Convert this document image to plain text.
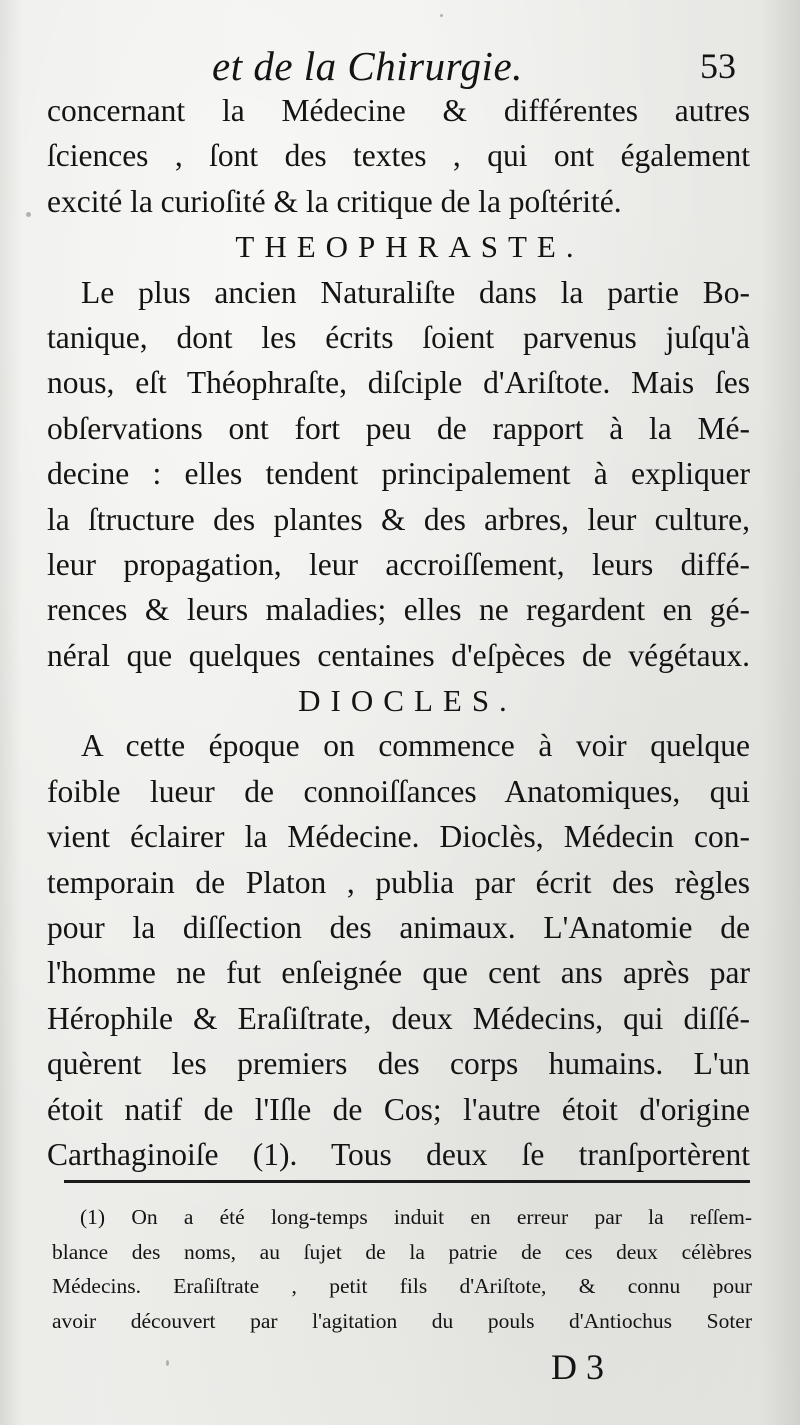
et de la Chirurgie.	53
concernant la Médecine & différentes autres
ſciences , ſont des textes , qui ont également
excité la curioſité & la critique de la poſtérité.
THEOPHRASTE.
Le plus ancien Naturaliſte dans la partie Bo-
tanique, dont les écrits ſoient parvenus juſqu'à
nous, eſt Théophraſte, diſciple d'Ariſtote. Mais ſes
obſervations ont fort peu de rapport à la Mé-
decine : elles tendent principalement à expliquer
la ſtructure des plantes & des arbres, leur culture,
leur propagation, leur accroiſſement, leurs diffé-
rences & leurs maladies; elles ne regardent en gé-
néral que quelques centaines d'eſpèces de végétaux.
DIOCLES.
A cette époque on commence à voir quelque
foible lueur de connoiſſances Anatomiques, qui
vient éclairer la Médecine. Dioclès, Médecin con-
temporain de Platon , publia par écrit des règles
pour la diſſection des animaux. L'Anatomie de
l'homme ne fut enſeignée que cent ans après par
Hérophile & Eraſiſtrate, deux Médecins, qui diſſé-
quèrent les premiers des corps humains. L'un
étoit natif de l'Iſle de Cos; l'autre étoit d'origine
Carthaginoiſe (1). Tous deux ſe tranſportèrent
(1) On a été long-temps induit en erreur par la reſſem-
blance des noms, au ſujet de la patrie de ces deux célèbres
Médecins. Eraſiſtrate , petit fils d'Ariſtote, & connu pour
avoir découvert par l'agitation du pouls d'Antiochus Soter
D 3
